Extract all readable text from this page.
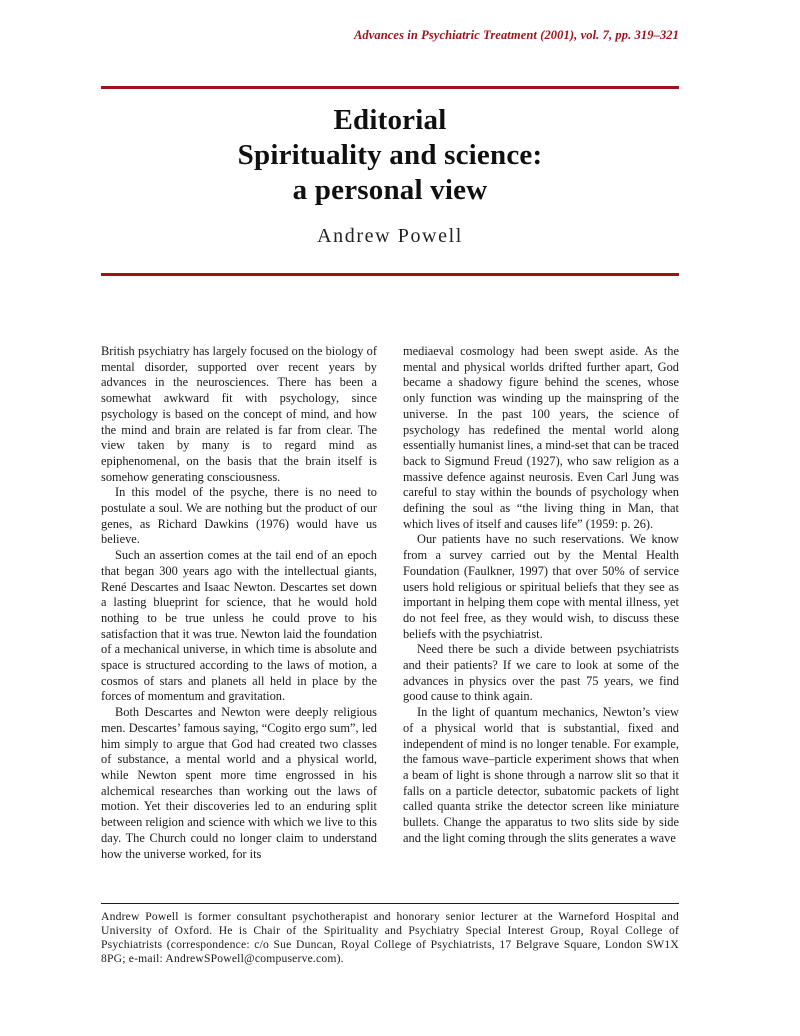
Advances in Psychiatric Treatment (2001), vol. 7, pp. 319–321
Editorial
Spirituality and science:
a personal view
Andrew Powell

British psychiatry has largely focused on the biology of mental disorder, supported over recent years by advances in the neurosciences. There has been a somewhat awkward fit with psychology, since psychology is based on the concept of mind, and how the mind and brain are related is far from clear. The view taken by many is to regard mind as epiphenomenal, on the basis that the brain itself is somehow generating consciousness.

In this model of the psyche, there is no need to postulate a soul. We are nothing but the product of our genes, as Richard Dawkins (1976) would have us believe.

Such an assertion comes at the tail end of an epoch that began 300 years ago with the intellectual giants, René Descartes and Isaac Newton. Descartes set down a lasting blueprint for science, that he would hold nothing to be true unless he could prove to his satisfaction that it was true. Newton laid the foundation of a mechanical universe, in which time is absolute and space is structured according to the laws of motion, a cosmos of stars and planets all held in place by the forces of momentum and gravitation.

Both Descartes and Newton were deeply religious men. Descartes’ famous saying, “Cogito ergo sum”, led him simply to argue that God had created two classes of substance, a mental world and a physical world, while Newton spent more time engrossed in his alchemical researches than working out the laws of motion. Yet their discoveries led to an enduring split between religion and science with which we live to this day. The Church could no longer claim to understand how the universe worked, for its

mediaeval cosmology had been swept aside. As the mental and physical worlds drifted further apart, God became a shadowy figure behind the scenes, whose only function was winding up the mainspring of the universe. In the past 100 years, the science of psychology has redefined the mental world along essentially humanist lines, a mind-set that can be traced back to Sigmund Freud (1927), who saw religion as a massive defence against neurosis. Even Carl Jung was careful to stay within the bounds of psychology when defining the soul as “the living thing in Man, that which lives of itself and causes life” (1959: p. 26).

Our patients have no such reservations. We know from a survey carried out by the Mental Health Foundation (Faulkner, 1997) that over 50% of service users hold religious or spiritual beliefs that they see as important in helping them cope with mental illness, yet do not feel free, as they would wish, to discuss these beliefs with the psychiatrist.

Need there be such a divide between psychiatrists and their patients? If we care to look at some of the advances in physics over the past 75 years, we find good cause to think again.

In the light of quantum mechanics, Newton’s view of a physical world that is substantial, fixed and independent of mind is no longer tenable. For example, the famous wave–particle experiment shows that when a beam of light is shone through a narrow slit so that it falls on a particle detector, subatomic packets of light called quanta strike the detector screen like miniature bullets. Change the apparatus to two slits side by side and the light coming through the slits generates a wave

Andrew Powell is former consultant psychotherapist and honorary senior lecturer at the Warneford Hospital and University of Oxford. He is Chair of the Spirituality and Psychiatry Special Interest Group, Royal College of Psychiatrists (correspondence: c/o Sue Duncan, Royal College of Psychiatrists, 17 Belgrave Square, London SW1X 8PG; e-mail: AndrewSPowell@compuserve.com).
